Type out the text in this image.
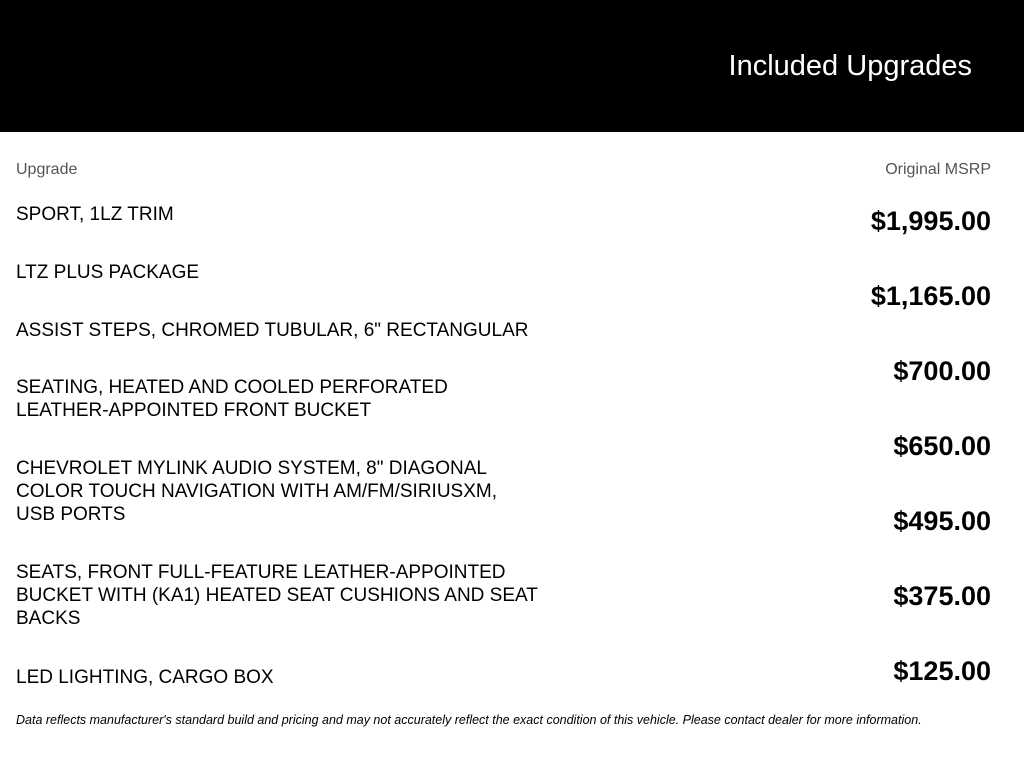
Included Upgrades
Upgrade	Original MSRP
SPORT, 1LZ TRIM
LTZ PLUS PACKAGE
ASSIST STEPS, CHROMED TUBULAR, 6" RECTANGULAR
SEATING, HEATED AND COOLED PERFORATED LEATHER-APPOINTED FRONT BUCKET
CHEVROLET MYLINK AUDIO SYSTEM, 8" DIAGONAL COLOR TOUCH NAVIGATION WITH AM/FM/SIRIUSXM, USB PORTS
SEATS, FRONT FULL-FEATURE LEATHER-APPOINTED BUCKET WITH (KA1) HEATED SEAT CUSHIONS AND SEAT BACKS
LED LIGHTING, CARGO BOX
$1,995.00
$1,165.00
$700.00
$650.00
$495.00
$375.00
$125.00
Data reflects manufacturer's standard build and pricing and may not accurately reflect the exact condition of this vehicle. Please contact dealer for more information.
